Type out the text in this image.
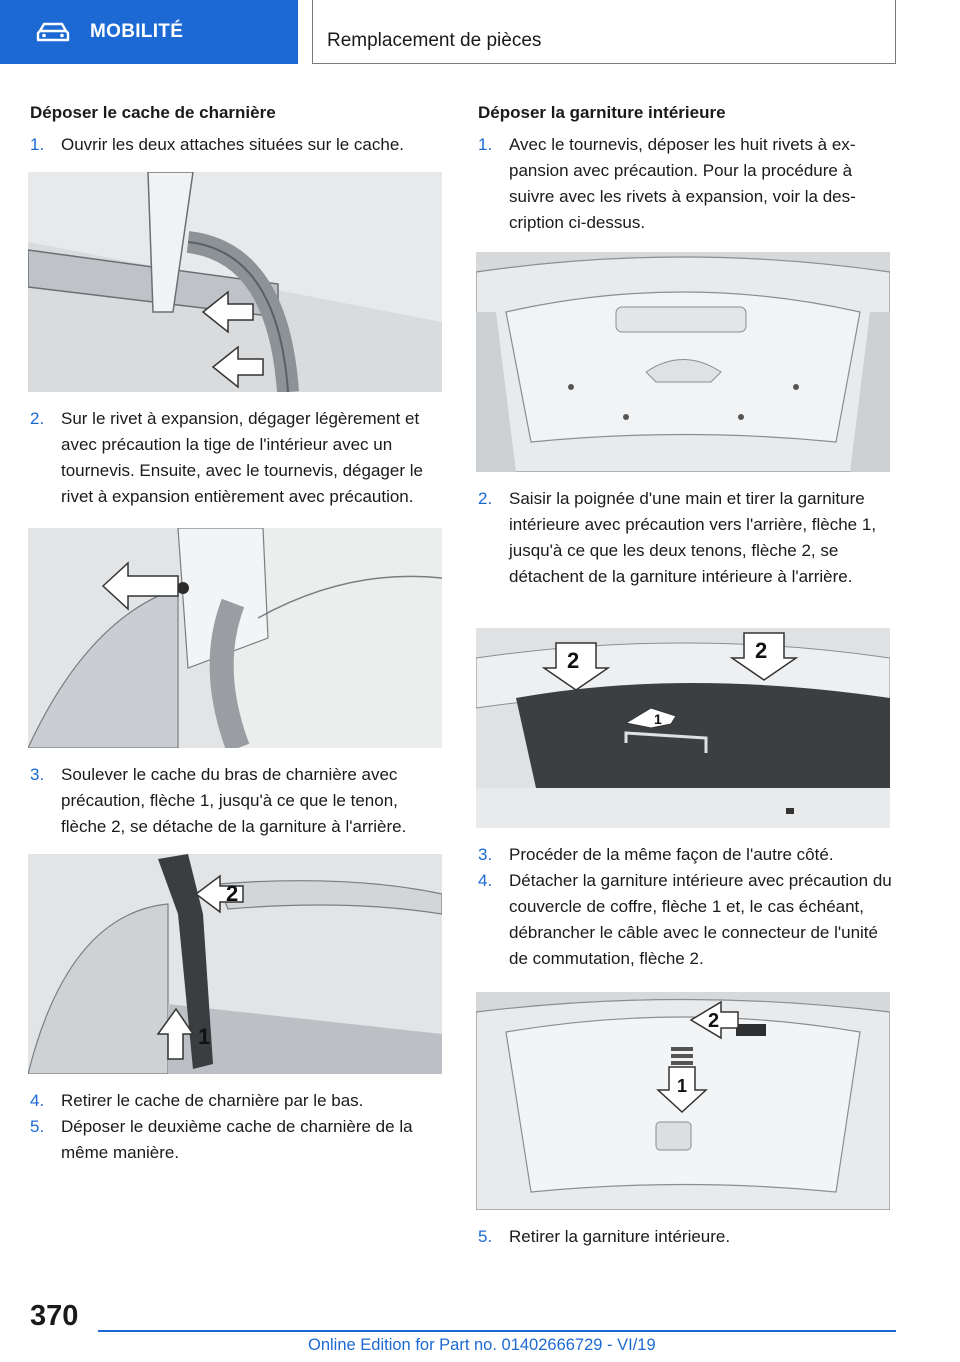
MOBILITÉ	Remplacement de pièces
Déposer le cache de charnière
1. Ouvrir les deux attaches situées sur le cache.
2. Sur le rivet à expansion, dégager légèrement et avec précaution la tige de l'intérieur avec un tournevis. Ensuite, avec le tournevis, dégager le rivet à expansion entièrement avec précaution.
3. Soulever le cache du bras de charnière avec précaution, flèche 1, jusqu'à ce que le tenon, flèche 2, se détache de la garniture à l'arrière.
2
1
4. Retirer le cache de charnière par le bas.
5. Déposer le deuxième cache de charnière de la même manière.
Déposer la garniture intérieure
1. Avec le tournevis, déposer les huit rivets à expansion avec précaution. Pour la procédure à suivre avec les rivets à expansion, voir la description ci-dessus.
2. Saisir la poignée d'une main et tirer la garniture intérieure avec précaution vers l'arrière, flèche 1, jusqu'à ce que les deux tenons, flèche 2, se détachent de la garniture intérieure à l'arrière.
1
2	2
3. Procéder de la même façon de l'autre côté.
4. Détacher la garniture intérieure avec précaution du couvercle de coffre, flèche 1 et, le cas échéant, débrancher le câble avec le connecteur de l'unité de commutation, flèche 2.
2
1
5. Retirer la garniture intérieure.
370
Online Edition for Part no. 01402666729 - VI/19
